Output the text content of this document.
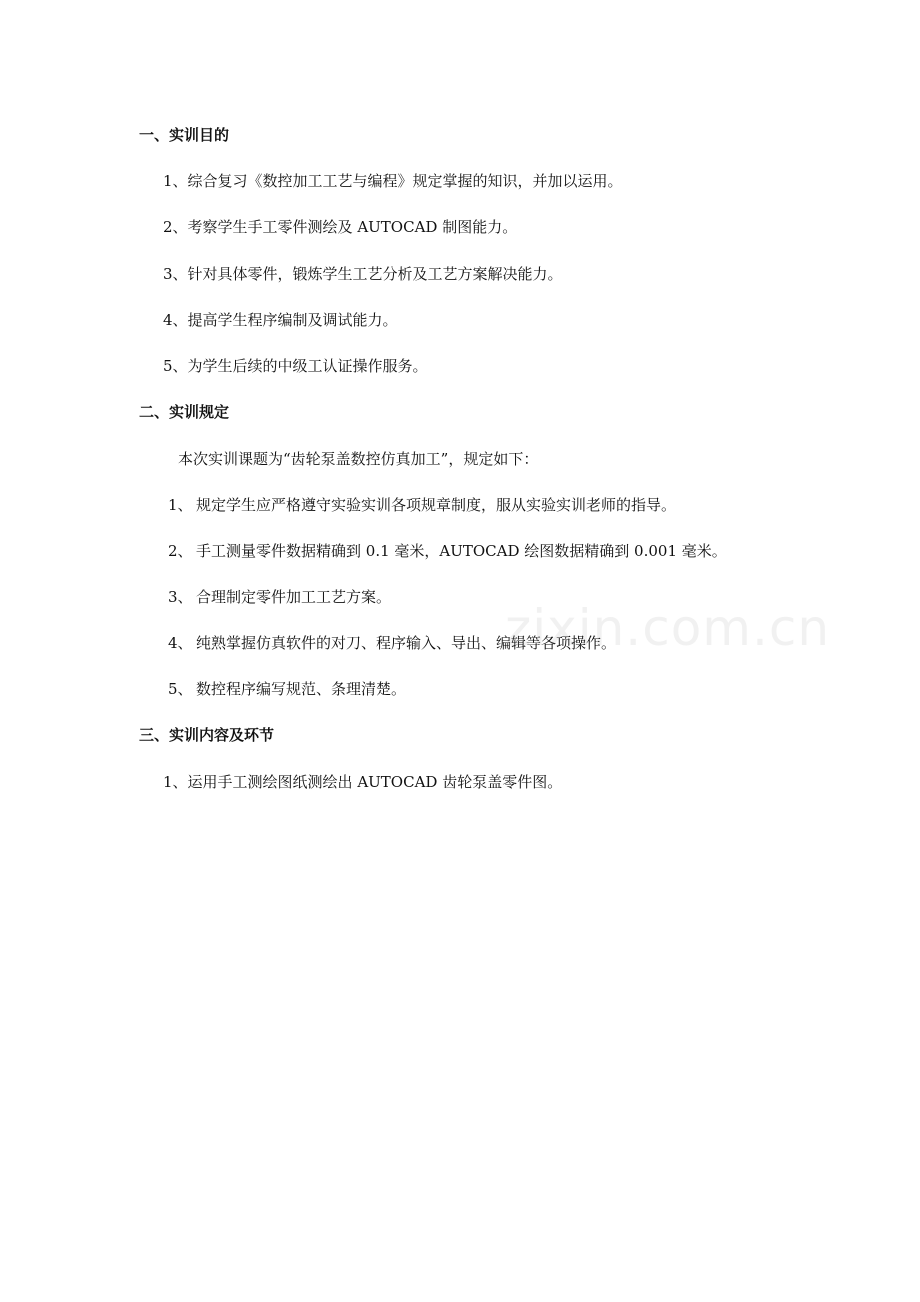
一、实训目的
1、综合复习《数控加工工艺与编程》规定掌握的知识，并加以运用。
2、考察学生手工零件测绘及 AUTOCAD 制图能力。
3、针对具体零件，锻炼学生工艺分析及工艺方案解决能力。
4、提高学生程序编制及调试能力。
5、为学生后续的中级工认证操作服务。
二、实训规定
本次实训课题为“齿轮泵盖数控仿真加工”，规定如下：
1、 规定学生应严格遵守实验实训各项规章制度，服从实验实训老师的指导。
2、 手工测量零件数据精确到 0.1 毫米，AUTOCAD 绘图数据精确到 0.001 毫米。
3、 合理制定零件加工工艺方案。
4、 纯熟掌握仿真软件的对刀、程序输入、导出、编辑等各项操作。
5、 数控程序编写规范、条理清楚。
三、实训内容及环节
1、运用手工测绘图纸测绘出 AUTOCAD 齿轮泵盖零件图。
zixin.com.cn
